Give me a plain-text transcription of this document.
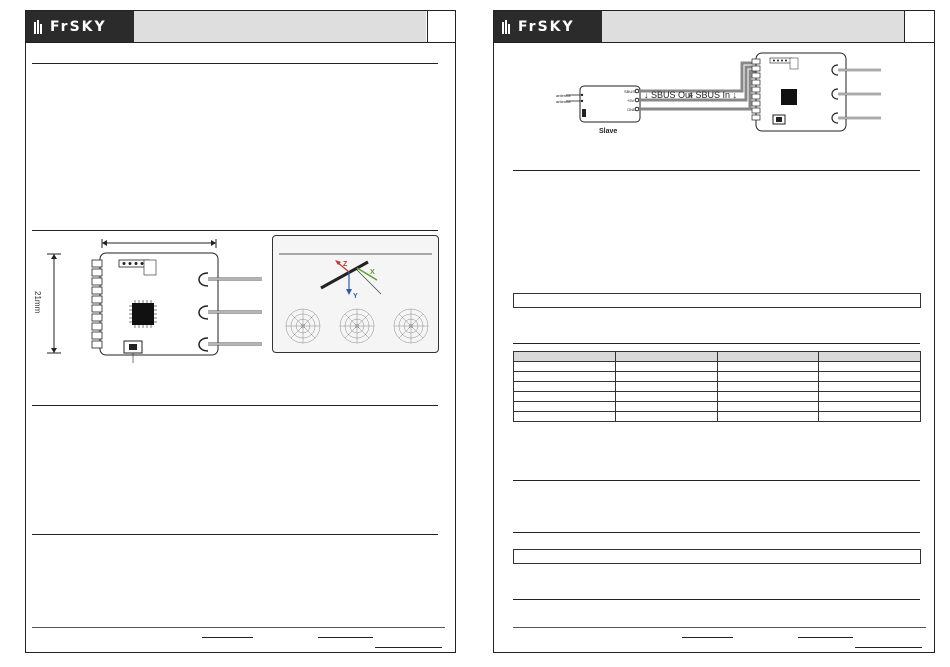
FrSKY
21mm
Z
X
Y
FrSKY
↓ SBUS Out
» SBUS In ↓
Slave
antenna
antenna
SBUS
+5V
GND
